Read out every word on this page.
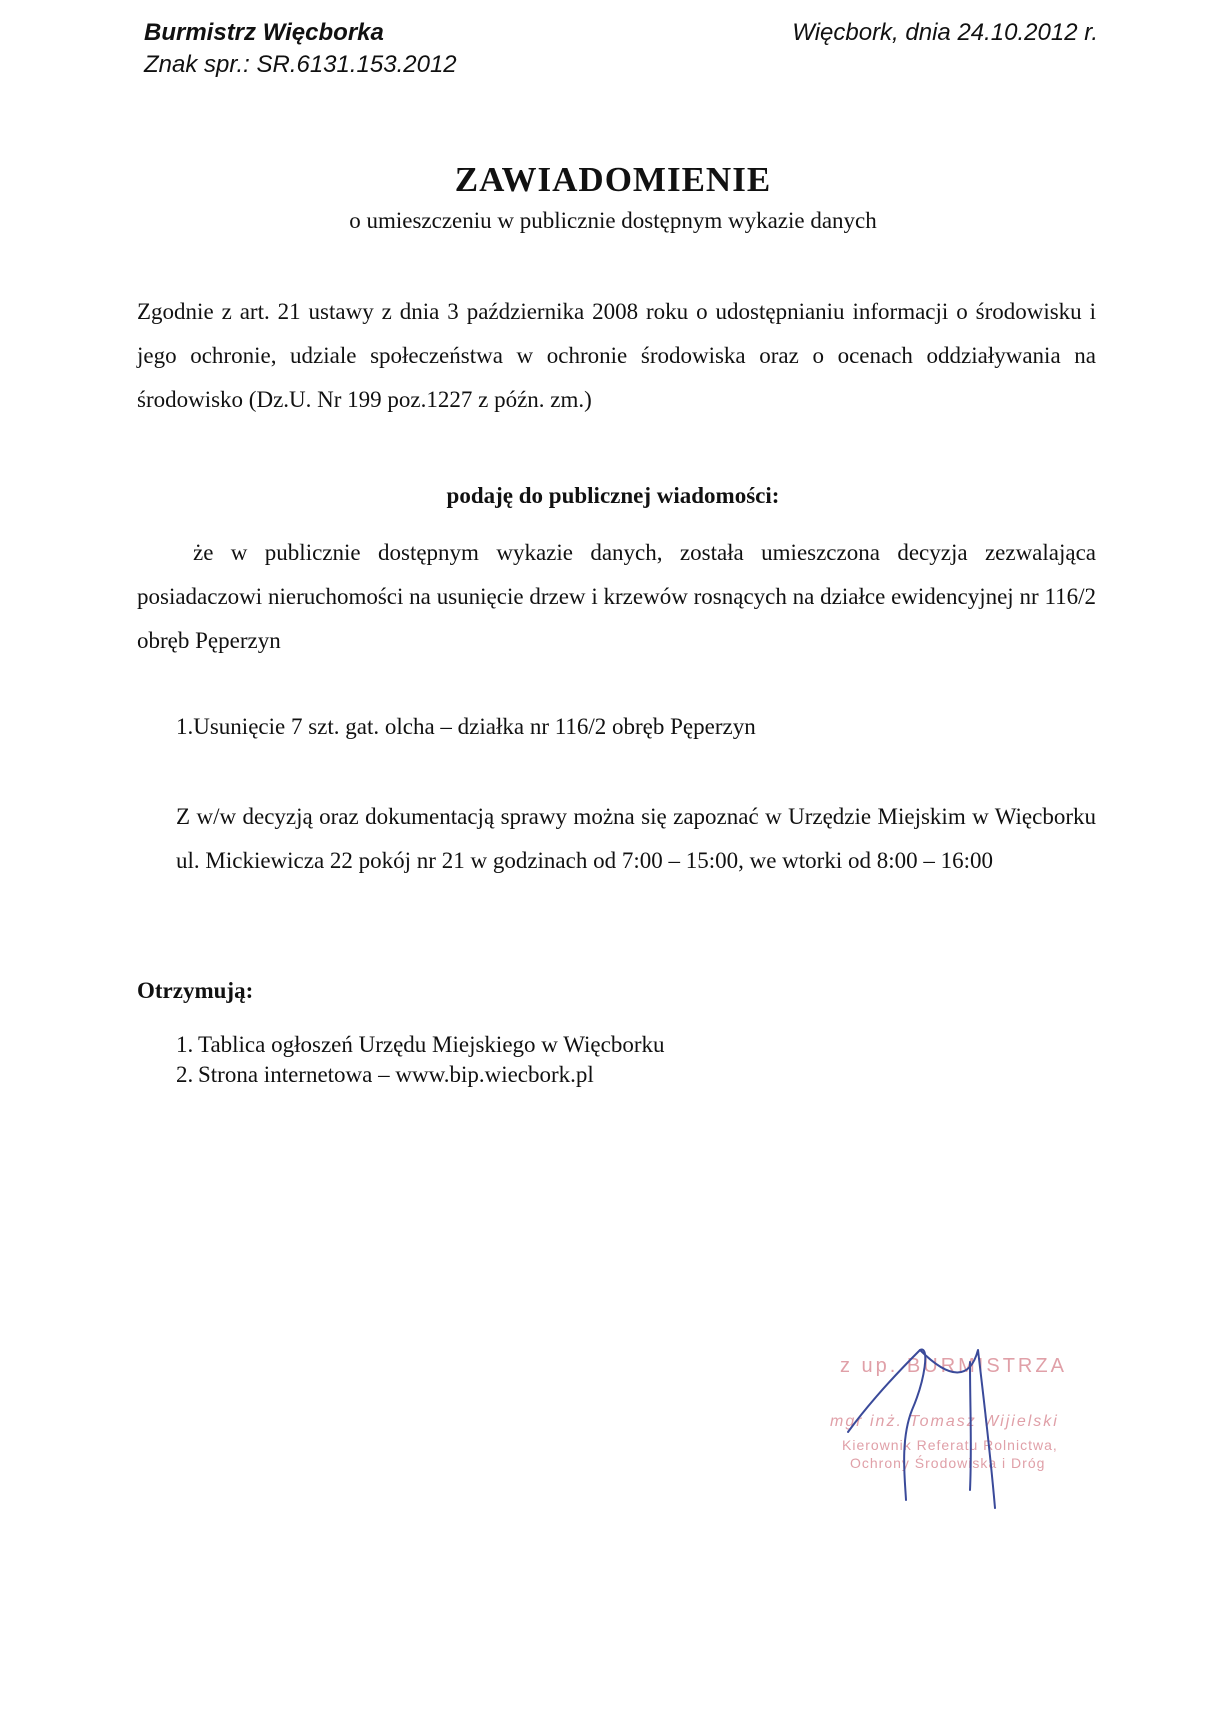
Burmistrz Więcborka
Znak spr.: SR.6131.153.2012
Więcbork, dnia 24.10.2012 r.
ZAWIADOMIENIE
o umieszczeniu w publicznie dostępnym wykazie danych
Zgodnie z art. 21 ustawy z dnia 3 października 2008 roku o udostępnianiu informacji o środowisku i jego ochronie, udziale społeczeństwa w ochronie środowiska oraz o ocenach oddziaływania na środowisko (Dz.U. Nr 199 poz.1227 z późn. zm.)
podaję do publicznej wiadomości:
że w publicznie dostępnym wykazie danych, została umieszczona decyzja zezwalająca posiadaczowi nieruchomości na usunięcie drzew i krzewów rosnących na działce ewidencyjnej nr 116/2 obręb Pęperzyn
1.Usunięcie 7 szt. gat. olcha – działka nr 116/2 obręb Pęperzyn
Z w/w decyzją oraz dokumentacją sprawy można się zapoznać w Urzędzie Miejskim w Więcborku ul. Mickiewicza 22 pokój nr 21 w godzinach od 7:00 – 15:00, we wtorki od 8:00 – 16:00
Otrzymują:
1. Tablica ogłoszeń Urzędu Miejskiego w Więcborku
2. Strona internetowa – www.bip.wiecbork.pl
z up. BURMISTRZA
mgr inż. Tomasz Wijielski
Kierownik Referatu Rolnictwa,
Ochrony Środowiska i Dróg
